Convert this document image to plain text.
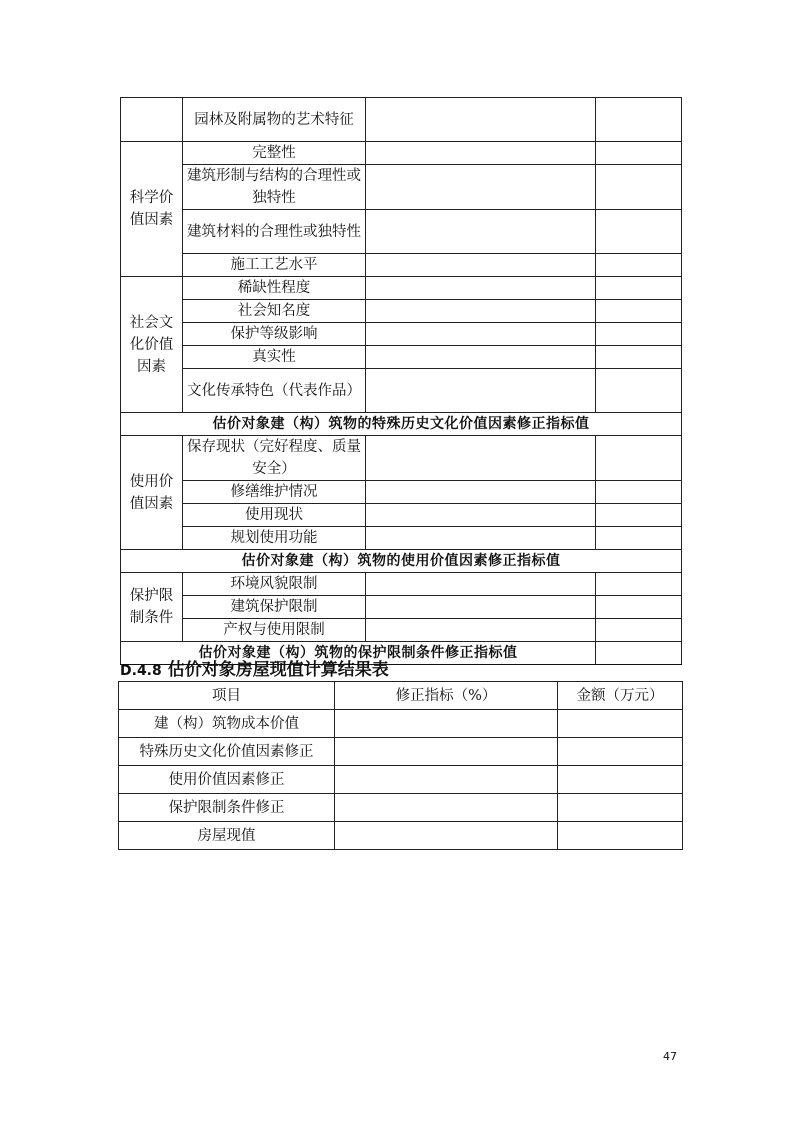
	园林及附属物的艺术特征		
科学价值因素	完整性		
	建筑形制与结构的合理性或独特性		
	建筑材料的合理性或独特性		
	施工工艺水平		
社会文化价值因素	稀缺性程度		
	社会知名度		
	保护等级影响		
	真实性		
	文化传承特色（代表作品）		
估价对象建（构）筑物的特殊历史文化价值因素修正指标值			
使用价值因素	保存现状（完好程度、质量安全）		
	修缮维护情况		
	使用现状		
	规划使用功能		
估价对象建（构）筑物的使用价值因素修正指标值			
保护限制条件	环境风貌限制		
	建筑保护限制		
	产权与使用限制		
估价对象建（构）筑物的保护限制条件修正指标值			
D.4.8 估价对象房屋现值计算结果表
项目	修正指标（%）	金额（万元）
建（构）筑物成本价值		
特殊历史文化价值因素修正		
使用价值因素修正		
保护限制条件修正		
房屋现值		
47
